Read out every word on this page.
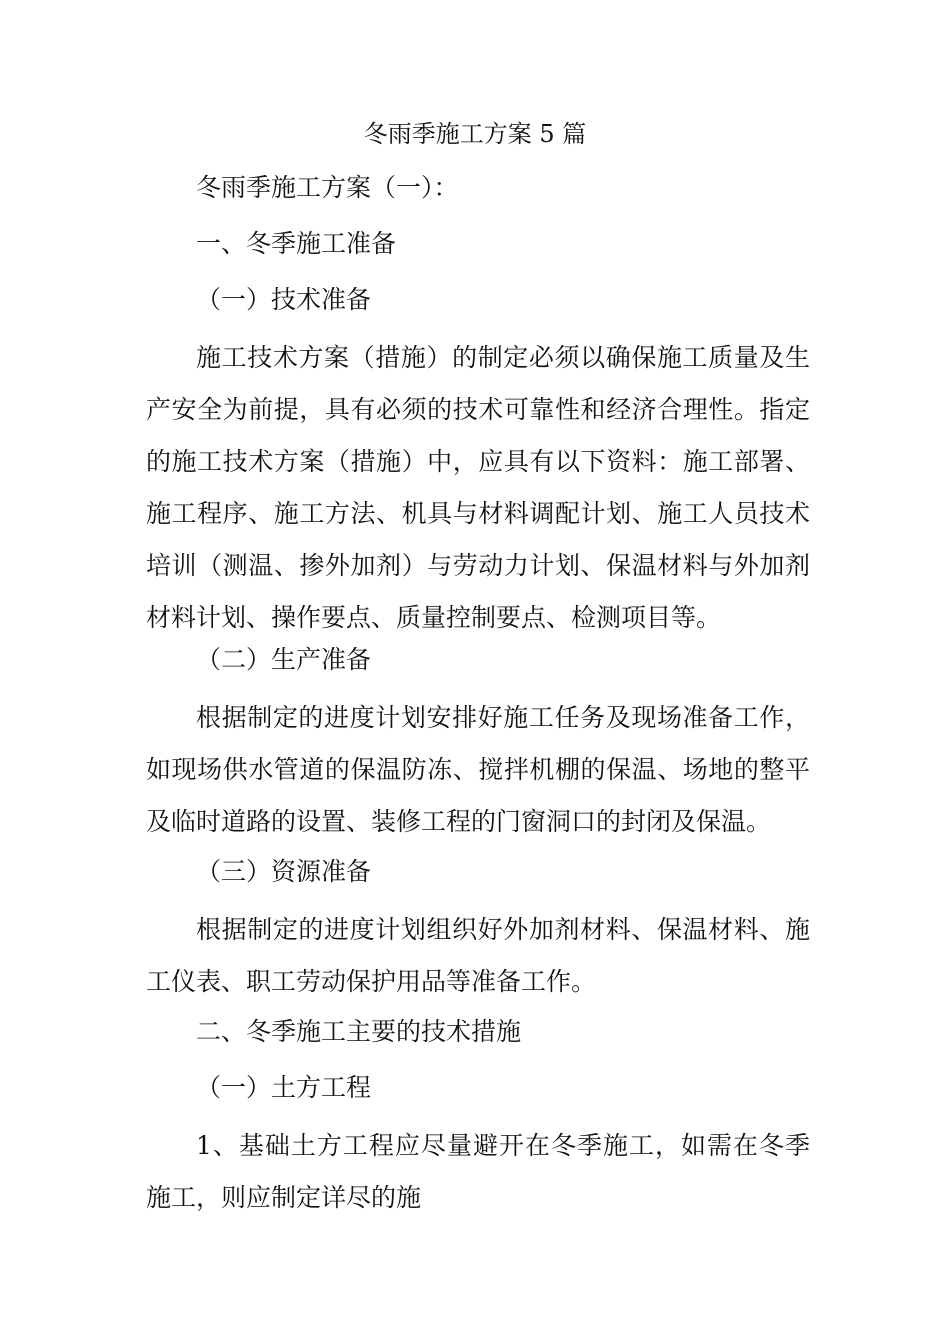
冬雨季施工方案 5 篇
冬雨季施工方案（一）：
一、冬季施工准备
（一）技术准备
施工技术方案（措施）的制定必须以确保施工质量及生产安全为前提，具有必须的技术可靠性和经济合理性。指定的施工技术方案（措施）中，应具有以下资料：施工部署、施工程序、施工方法、机具与材料调配计划、施工人员技术培训（测温、掺外加剂）与劳动力计划、保温材料与外加剂材料计划、操作要点、质量控制要点、检测项目等。
（二）生产准备
根据制定的进度计划安排好施工任务及现场准备工作，如现场供水管道的保温防冻、搅拌机棚的保温、场地的整平及临时道路的设置、装修工程的门窗洞口的封闭及保温。
（三）资源准备
根据制定的进度计划组织好外加剂材料、保温材料、施工仪表、职工劳动保护用品等准备工作。
二、冬季施工主要的技术措施
（一）土方工程
1、基础土方工程应尽量避开在冬季施工，如需在冬季施工，则应制定详尽的施
